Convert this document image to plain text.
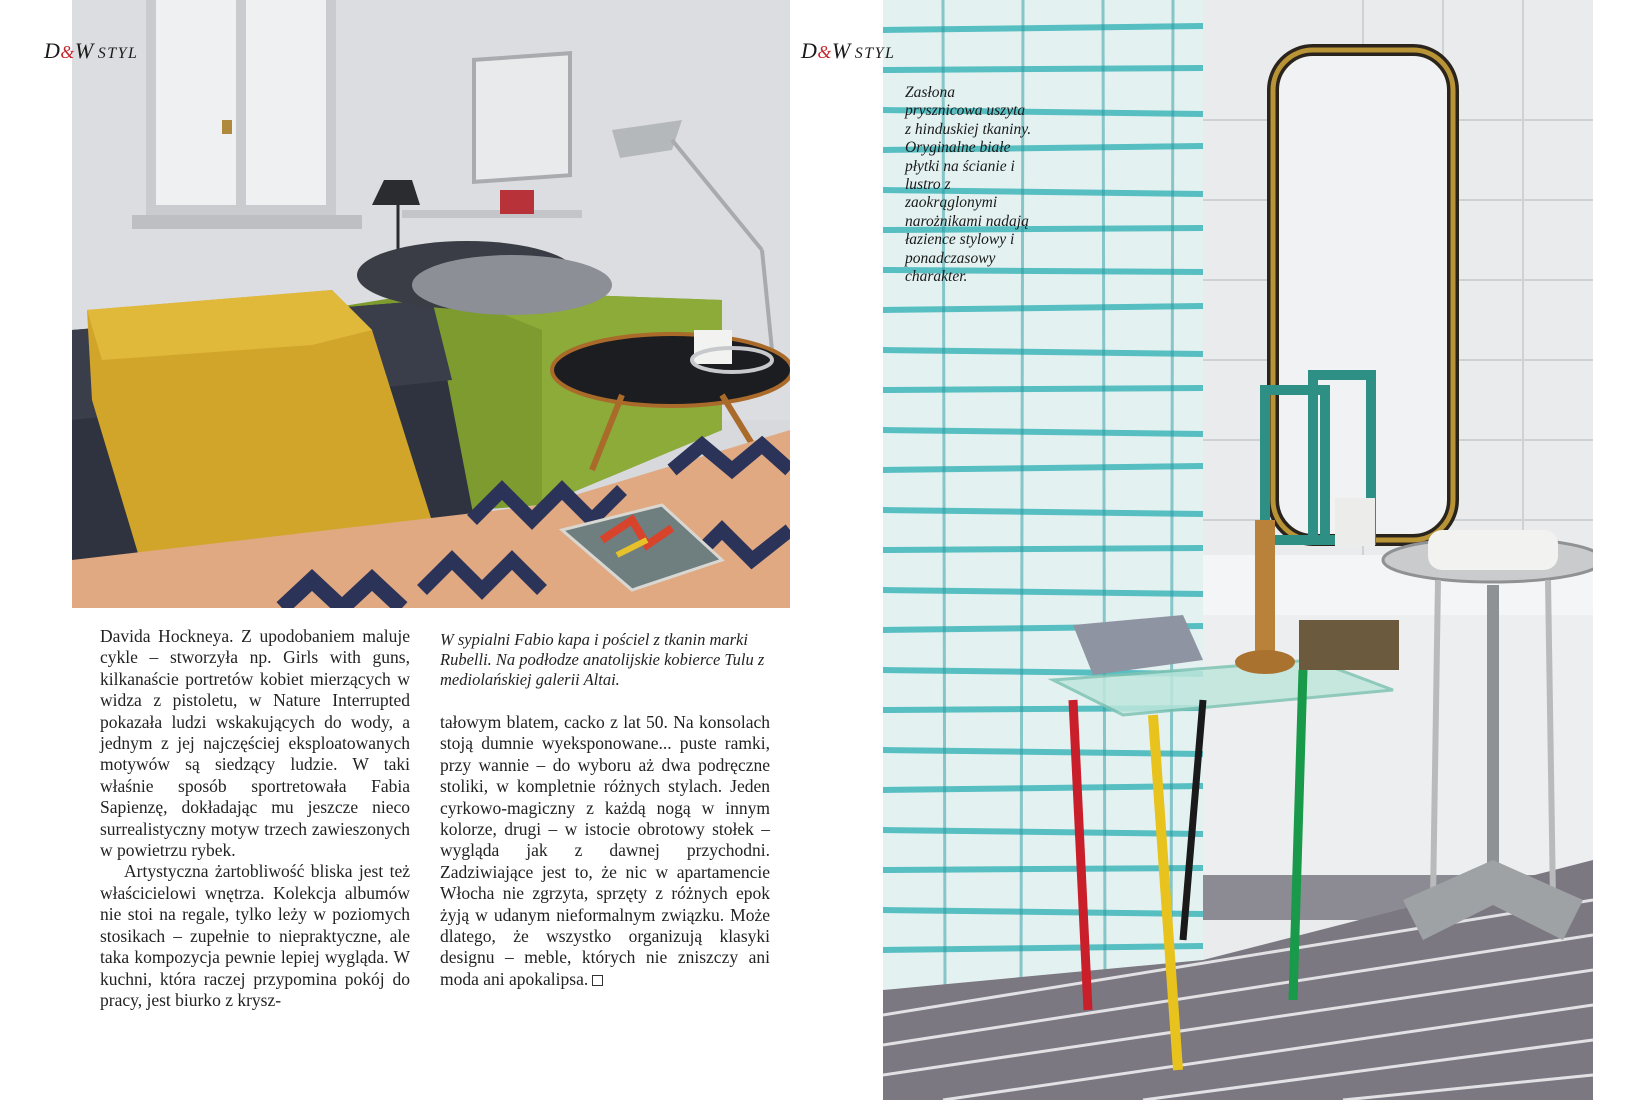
D&W STYL

Davida Hockneya. Z upodobaniem maluje cykle – stworzyła np. Girls with guns, kilkanaście portretów kobiet mierzących w widza z pistoletu, w Nature Interrupted pokazała ludzi wskakujących do wody, a jednym z jej najczęściej eksploatowanych motywów są siedzący ludzie. W taki właśnie sposób sportretowała Fabia Sapienzę, dokładając mu jeszcze nieco surrealistyczny motyw trzech zawieszonych w powietrzu rybek.

Artystyczna żartobliwość bliska jest też właścicielowi wnętrza. Kolekcja albumów nie stoi na regale, tylko leży w poziomych stosikach – zupełnie to niepraktyczne, ale taka kompozycja pewnie lepiej wygląda. W kuchni, która raczej przypomina pokój do pracy, jest biurko z krysz-

W sypialni Fabio kapa i pościel z tkanin marki Rubelli. Na podłodze anatolijskie kobierce Tulu z mediolańskiej galerii Altai.

tałowym blatem, cacko z lat 50. Na konsolach stoją dumnie wyeksponowane... puste ramki, przy wannie – do wyboru aż dwa podręczne stoliki, w kompletnie różnych stylach. Jeden cyrkowo-magiczny z każdą nogą w innym kolorze, drugi – w istocie obrotowy stołek – wygląda jak z dawnej przychodni. Zadziwiające jest to, że nic w apartamencie Włocha nie zgrzyta, sprzęty z różnych epok żyją w udanym nieformalnym związku. Może dlatego, że wszystko organizują klasyki designu – meble, których nie zniszczy ani moda ani apokalipsa.

D&W STYL
Zasłona prysznicowa uszyta z hinduskiej tkaniny. Oryginalne białe płytki na ścianie i lustro z zaokrąglonymi narożnikami nadają łazience stylowy i ponadczasowy charakter.
